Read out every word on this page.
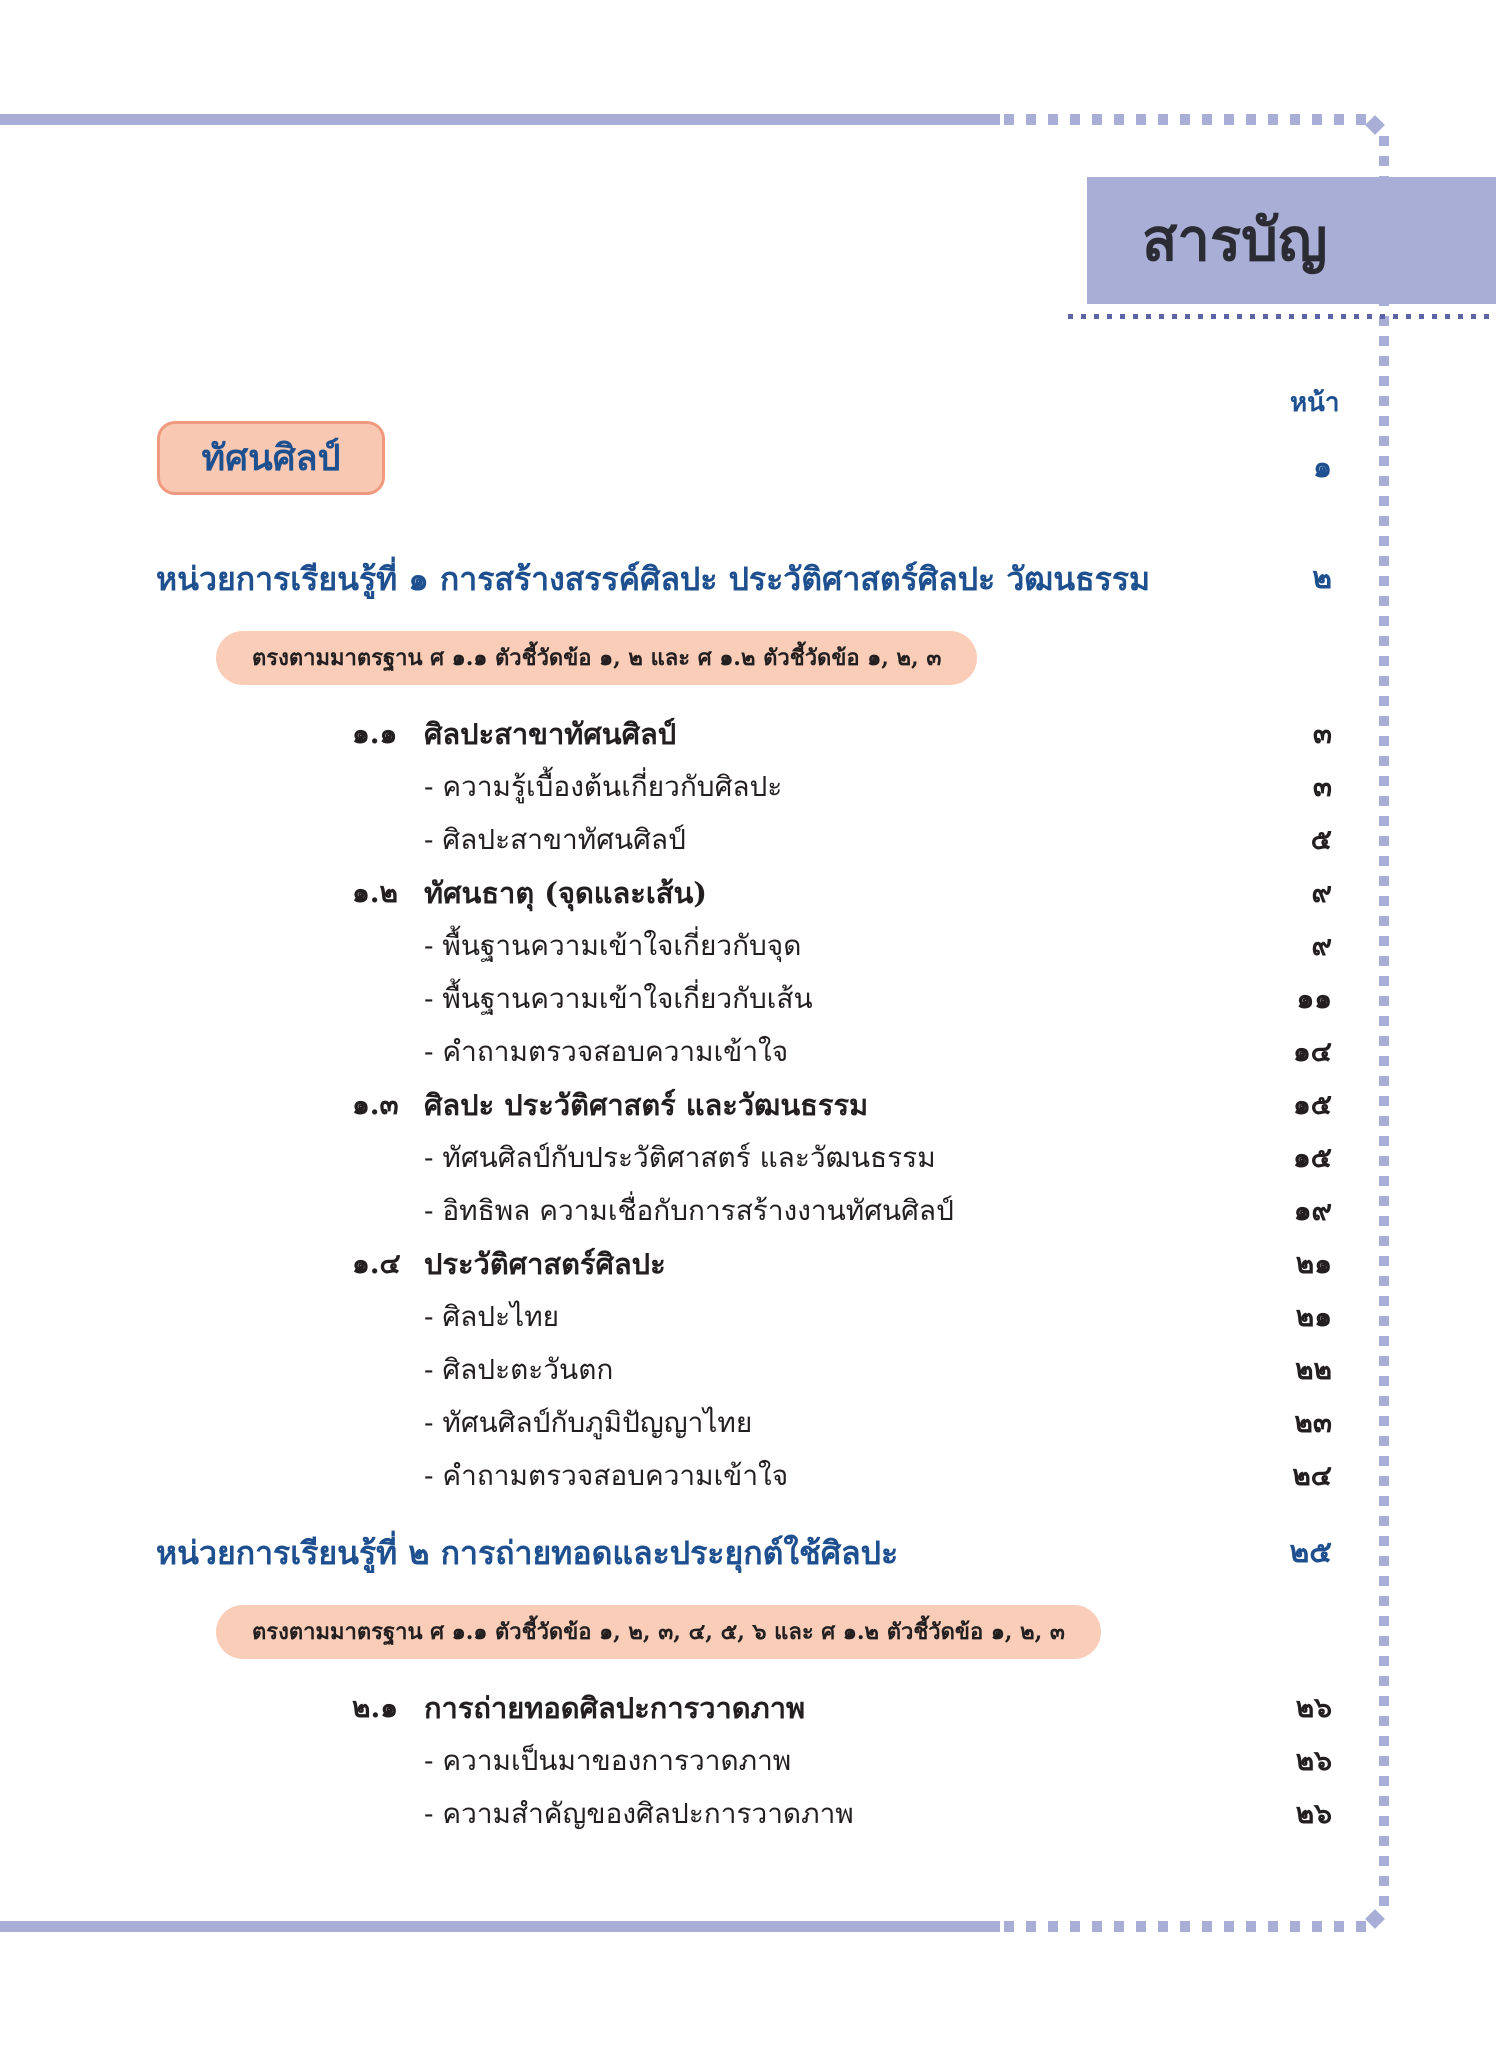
สารบัญ
หน้า
ทัศนศิลป์	๑
หน่วยการเรียนรู้ที่ ๑ การสร้างสรรค์ศิลปะ ประวัติศาสตร์ศิลปะ วัฒนธรรม	๒
ตรงตามมาตรฐาน ศ ๑.๑ ตัวชี้วัดข้อ ๑, ๒ และ ศ ๑.๒ ตัวชี้วัดข้อ ๑, ๒, ๓
๑.๑ ศิลปะสาขาทัศนศิลป์	๓
- ความรู้เบื้องต้นเกี่ยวกับศิลปะ	๓
- ศิลปะสาขาทัศนศิลป์	๕
๑.๒ ทัศนธาตุ (จุดและเส้น)	๙
- พื้นฐานความเข้าใจเกี่ยวกับจุด	๙
- พื้นฐานความเข้าใจเกี่ยวกับเส้น	๑๑
- คำถามตรวจสอบความเข้าใจ	๑๔
๑.๓ ศิลปะ ประวัติศาสตร์ และวัฒนธรรม	๑๕
- ทัศนศิลป์กับประวัติศาสตร์ และวัฒนธรรม	๑๕
- อิทธิพล ความเชื่อกับการสร้างงานทัศนศิลป์	๑๙
๑.๔ ประวัติศาสตร์ศิลปะ	๒๑
- ศิลปะไทย	๒๑
- ศิลปะตะวันตก	๒๒
- ทัศนศิลป์กับภูมิปัญญาไทย	๒๓
- คำถามตรวจสอบความเข้าใจ	๒๔
หน่วยการเรียนรู้ที่ ๒ การถ่ายทอดและประยุกต์ใช้ศิลปะ	๒๕
ตรงตามมาตรฐาน ศ ๑.๑ ตัวชี้วัดข้อ ๑, ๒, ๓, ๔, ๕, ๖ และ ศ ๑.๒ ตัวชี้วัดข้อ ๑, ๒, ๓
๒.๑ การถ่ายทอดศิลปะการวาดภาพ	๒๖
- ความเป็นมาของการวาดภาพ	๒๖
- ความสำคัญของศิลปะการวาดภาพ	๒๖
